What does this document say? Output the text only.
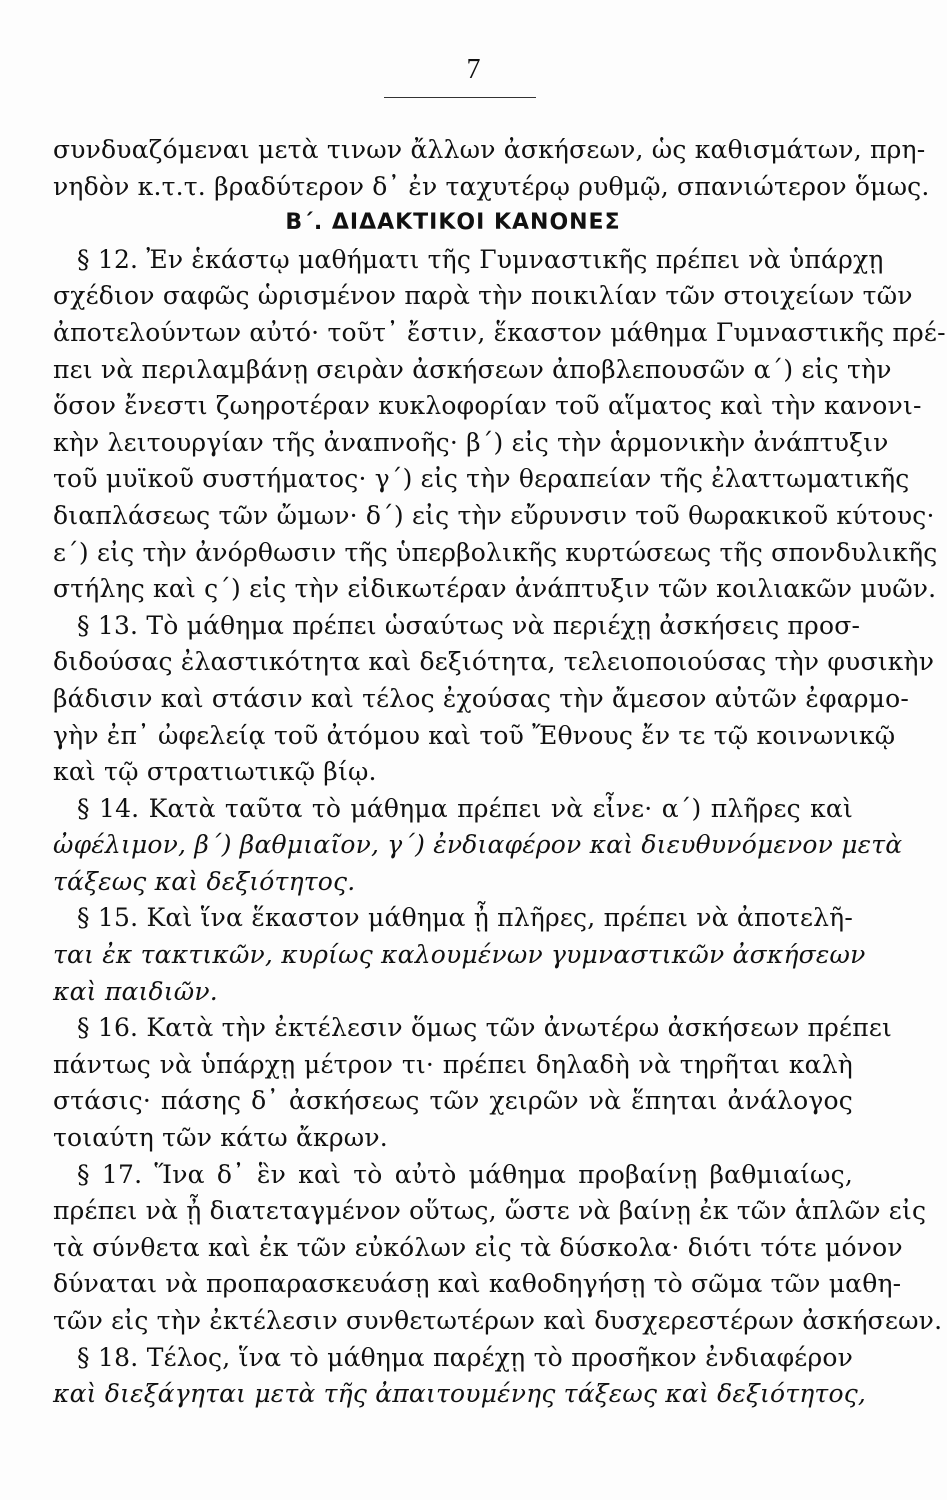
7
συνδυαζόμεναι μετὰ τινων ἄλλων ἀσκήσεων, ὡς καθισμάτων, πρη-
νηδὸν κ.τ.τ. βραδύτερον δ᾽ ἐν ταχυτέρῳ ρυθμῷ, σπανιώτερον ὅμως.
Β΄. ΔΙΔΑΚΤΙΚΟΙ ΚΑΝΟΝΕΣ
§ 12. Ἐν ἑκάστῳ μαθήματι τῆς Γυμναστικῆς πρέπει νὰ ὑπάρχῃ
σχέδιον σαφῶς ὡρισμένον παρὰ τὴν ποικιλίαν τῶν στοιχείων τῶν
ἀποτελούντων αὐτό· τοῦτ᾽ ἔστιν, ἕκαστον μάθημα Γυμναστικῆς πρέ-
πει νὰ περιλαμβάνῃ σειρὰν ἀσκήσεων ἀποβλεπουσῶν α΄) εἰς τὴν
ὅσον ἔνεστι ζωηροτέραν κυκλοφορίαν τοῦ αἵματος καὶ τὴν κανονι-
κὴν λειτουργίαν τῆς ἀναπνοῆς· β΄) εἰς τὴν ἁρμονικὴν ἀνάπτυξιν
τοῦ μυϊκοῦ συστήματος· γ΄) εἰς τὴν θεραπείαν τῆς ἐλαττωματικῆς
διαπλάσεως τῶν ὤμων· δ΄) εἰς τὴν εὔρυνσιν τοῦ θωρακικοῦ κύτους·
ε΄) εἰς τὴν ἀνόρθωσιν τῆς ὑπερβολικῆς κυρτώσεως τῆς σπονδυλικῆς
στήλης καὶ ς΄) εἰς τὴν εἰδικωτέραν ἀνάπτυξιν τῶν κοιλιακῶν μυῶν.
§ 13. Τὸ μάθημα πρέπει ὡσαύτως νὰ περιέχῃ ἀσκήσεις προσ-
διδούσας ἐλαστικότητα καὶ δεξιότητα, τελειοποιούσας τὴν φυσικὴν
βάδισιν καὶ στάσιν καὶ τέλος ἐχούσας τὴν ἄμεσον αὐτῶν ἐφαρμο-
γὴν ἐπ᾽ ὠφελείᾳ τοῦ ἀτόμου καὶ τοῦ Ἔθνους ἔν τε τῷ κοινωνικῷ
καὶ τῷ στρατιωτικῷ βίῳ.
§ 14. Κατὰ ταῦτα τὸ μάθημα πρέπει νὰ εἶνε· α΄) πλῆρες καὶ
ὠφέλιμον, β΄) βαθμιαῖον, γ΄) ἐνδιαφέρον καὶ διευθυνόμενον μετὰ
τάξεως καὶ δεξιότητος.
§ 15. Καὶ ἵνα ἕκαστον μάθημα ᾖ πλῆρες, πρέπει νὰ ἀποτελῆ-
ται ἐκ τακτικῶν, κυρίως καλουμένων γυμναστικῶν ἀσκήσεων
καὶ παιδιῶν.
§ 16. Κατὰ τὴν ἐκτέλεσιν ὅμως τῶν ἀνωτέρω ἀσκήσεων πρέπει
πάντως νὰ ὑπάρχῃ μέτρον τι· πρέπει δηλαδὴ νὰ τηρῆται καλὴ
στάσις· πάσης δ᾽ ἀσκήσεως τῶν χειρῶν νὰ ἕπηται ἀνάλογος
τοιαύτη τῶν κάτω ἄκρων.
§ 17. Ἵνα δ᾽ ἓν καὶ τὸ αὐτὸ μάθημα προβαίνῃ βαθμιαίως,
πρέπει νὰ ᾖ διατεταγμένον οὕτως, ὥστε νὰ βαίνῃ ἐκ τῶν ἁπλῶν εἰς
τὰ σύνθετα καὶ ἐκ τῶν εὐκόλων εἰς τὰ δύσκολα· διότι τότε μόνον
δύναται νὰ προπαρασκευάσῃ καὶ καθοδηγήσῃ τὸ σῶμα τῶν μαθη-
τῶν εἰς τὴν ἐκτέλεσιν συνθετωτέρων καὶ δυσχερεστέρων ἀσκήσεων.
§ 18. Τέλος, ἵνα τὸ μάθημα παρέχῃ τὸ προσῆκον ἐνδιαφέρον
καὶ διεξάγηται μετὰ τῆς ἀπαιτουμένης τάξεως καὶ δεξιότητος,
